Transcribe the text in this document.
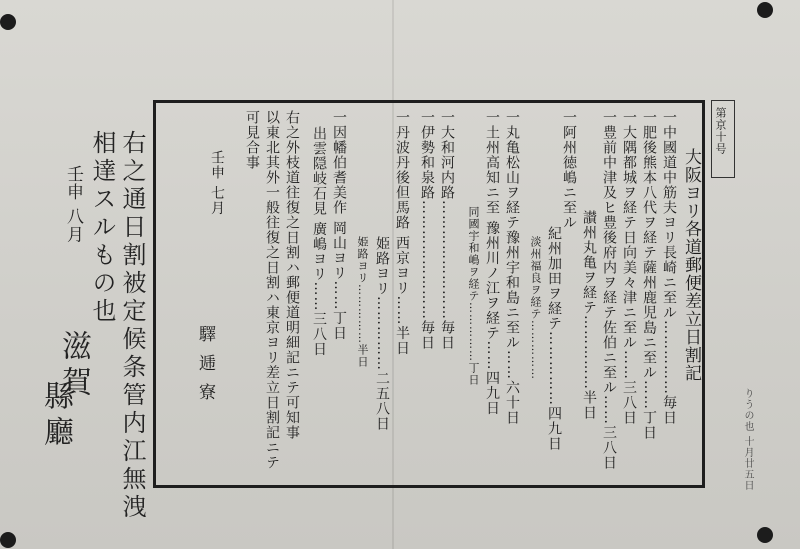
第京十号
大阪ヨリ各道郵便差立日割記
一中國道中筋夫ヨリ長崎ニ至ル……………毎日
一肥後熊本八代ヲ経テ薩州鹿児島ニ至ル……丁日
一大隅都城ヲ経テ日向美々津ニ至ル……三八日
一豊前中津及ヒ豊後府内ヲ経テ佐伯ニ至ル……三八日
讃州丸亀ヲ経テ……………半日
一阿州徳嶋ニ至ル
紀州加田ヲ経テ……………四九日
淡州福良ヲ経テ……………
一丸亀松山ヲ経テ豫州宇和島ニ至ル……六十日
一土州高知ニ至 豫州川ノ江ヲ経テ……四九日
同國宇和嶋ヲ経テ……………丁日
一大和河内路……………………毎日
一伊勢和泉路……………………毎日
一丹波丹後但馬路 西京ヨリ……半日
姫路ヨリ……………二五八日
姫路ヨリ……………半日
一因幡伯耆美作 岡山ヨリ……丁日
出雲隠岐石見 廣嶋ヨリ……三八日
右之外枝道往復之日割ハ郵便道明細記ニテ可知事
以東北其外一般往復之日割ハ東京ヨリ差立日割記ニテ
可見合事
壬申 七月
驛逓寮
右之通日割被定候条管内江無洩
相達スルもの也
壬申 八月
滋賀
縣廳	りうの也 十月廿五日
